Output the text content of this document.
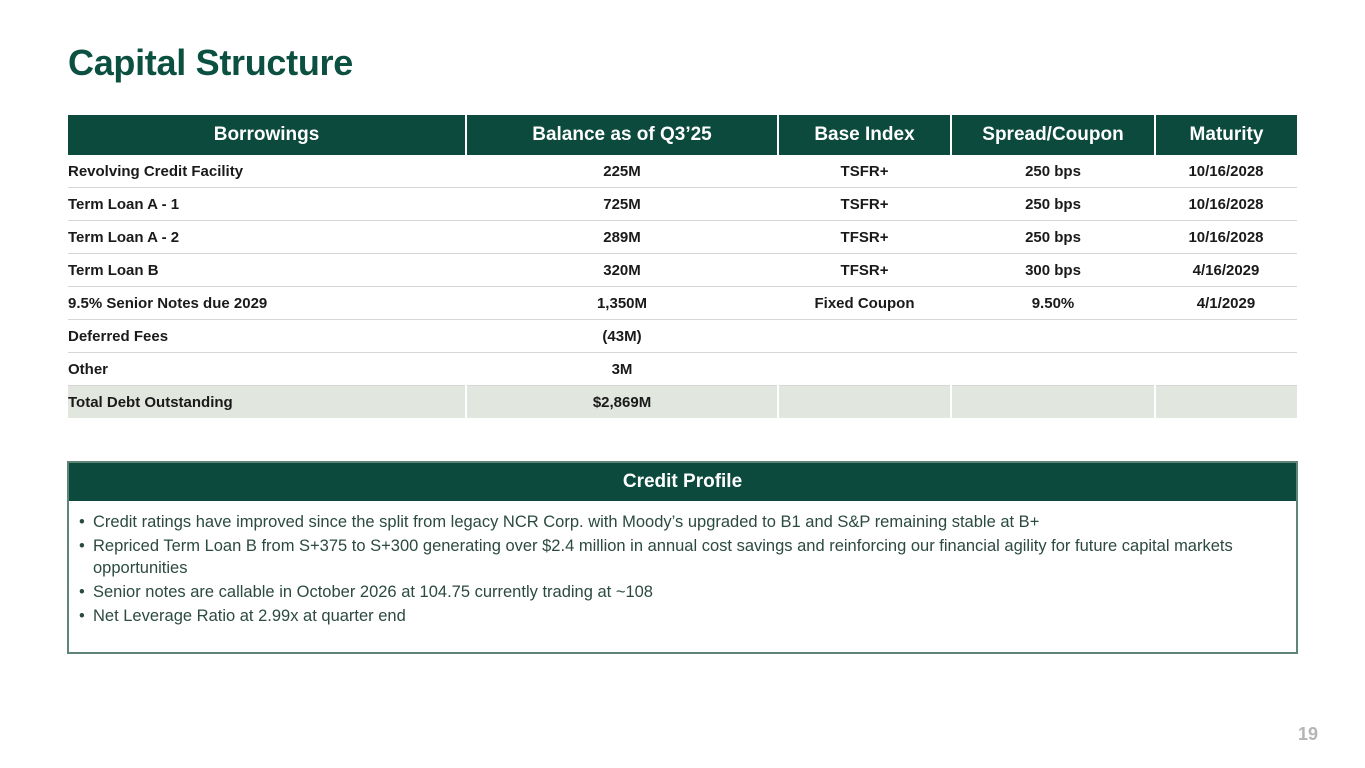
Capital Structure
Borrowings	Balance as of Q3’25	Base Index	Spread/Coupon	Maturity
Revolving Credit Facility	225M	TSFR+	250 bps	10/16/2028
Term Loan A - 1	725M	TSFR+	250 bps	10/16/2028
Term Loan A - 2	289M	TFSR+	250 bps	10/16/2028
Term Loan B	320M	TFSR+	300 bps	4/16/2029
9.5% Senior Notes due 2029	1,350M	Fixed Coupon	9.50%	4/1/2029
Deferred Fees	(43M)			
Other	3M			
Total Debt Outstanding	$2,869M			
Credit Profile
• Credit ratings have improved since the split from legacy NCR Corp. with Moody’s upgraded to B1 and S&P remaining stable at B+
• Repriced Term Loan B from S+375 to S+300 generating over $2.4 million in annual cost savings and reinforcing our financial agility for future capital markets opportunities
• Senior notes are callable in October 2026 at 104.75 currently trading at ~108
• Net Leverage Ratio at 2.99x at quarter end
19
